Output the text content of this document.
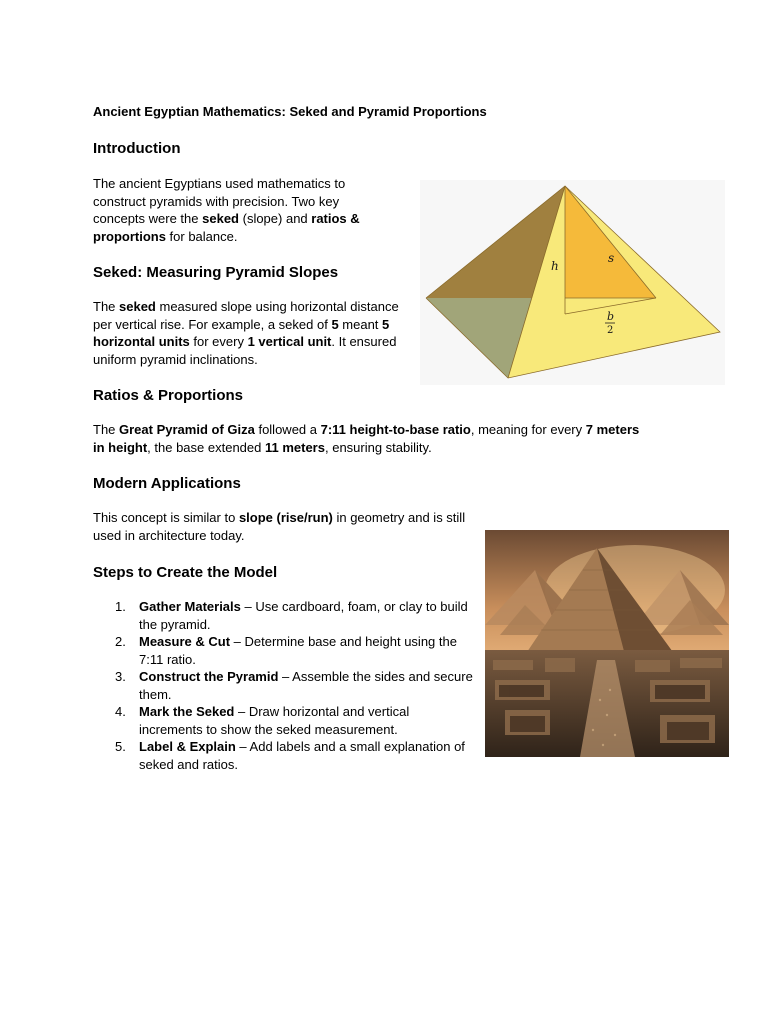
Ancient Egyptian Mathematics: Seked and Pyramid Proportions
Introduction
The ancient Egyptians used mathematics to construct pyramids with precision. Two key concepts were the seked (slope) and ratios & proportions for balance.
Seked: Measuring Pyramid Slopes
The seked measured slope using horizontal distance per vertical rise. For example, a seked of 5 meant 5 horizontal units for every 1 vertical unit. It ensured uniform pyramid inclinations.
h
s
b
2
Ratios & Proportions
The Great Pyramid of Giza followed a 7:11 height-to-base ratio, meaning for every 7 meters in height, the base extended 11 meters, ensuring stability.
Modern Applications
This concept is similar to slope (rise/run) in geometry and is still used in architecture today.
Steps to Create the Model
1. Gather Materials – Use cardboard, foam, or clay to build the pyramid.
2. Measure & Cut – Determine base and height using the 7:11 ratio.
3. Construct the Pyramid – Assemble the sides and secure them.
4. Mark the Seked – Draw horizontal and vertical increments to show the seked measurement.
5. Label & Explain – Add labels and a small explanation of seked and ratios.
